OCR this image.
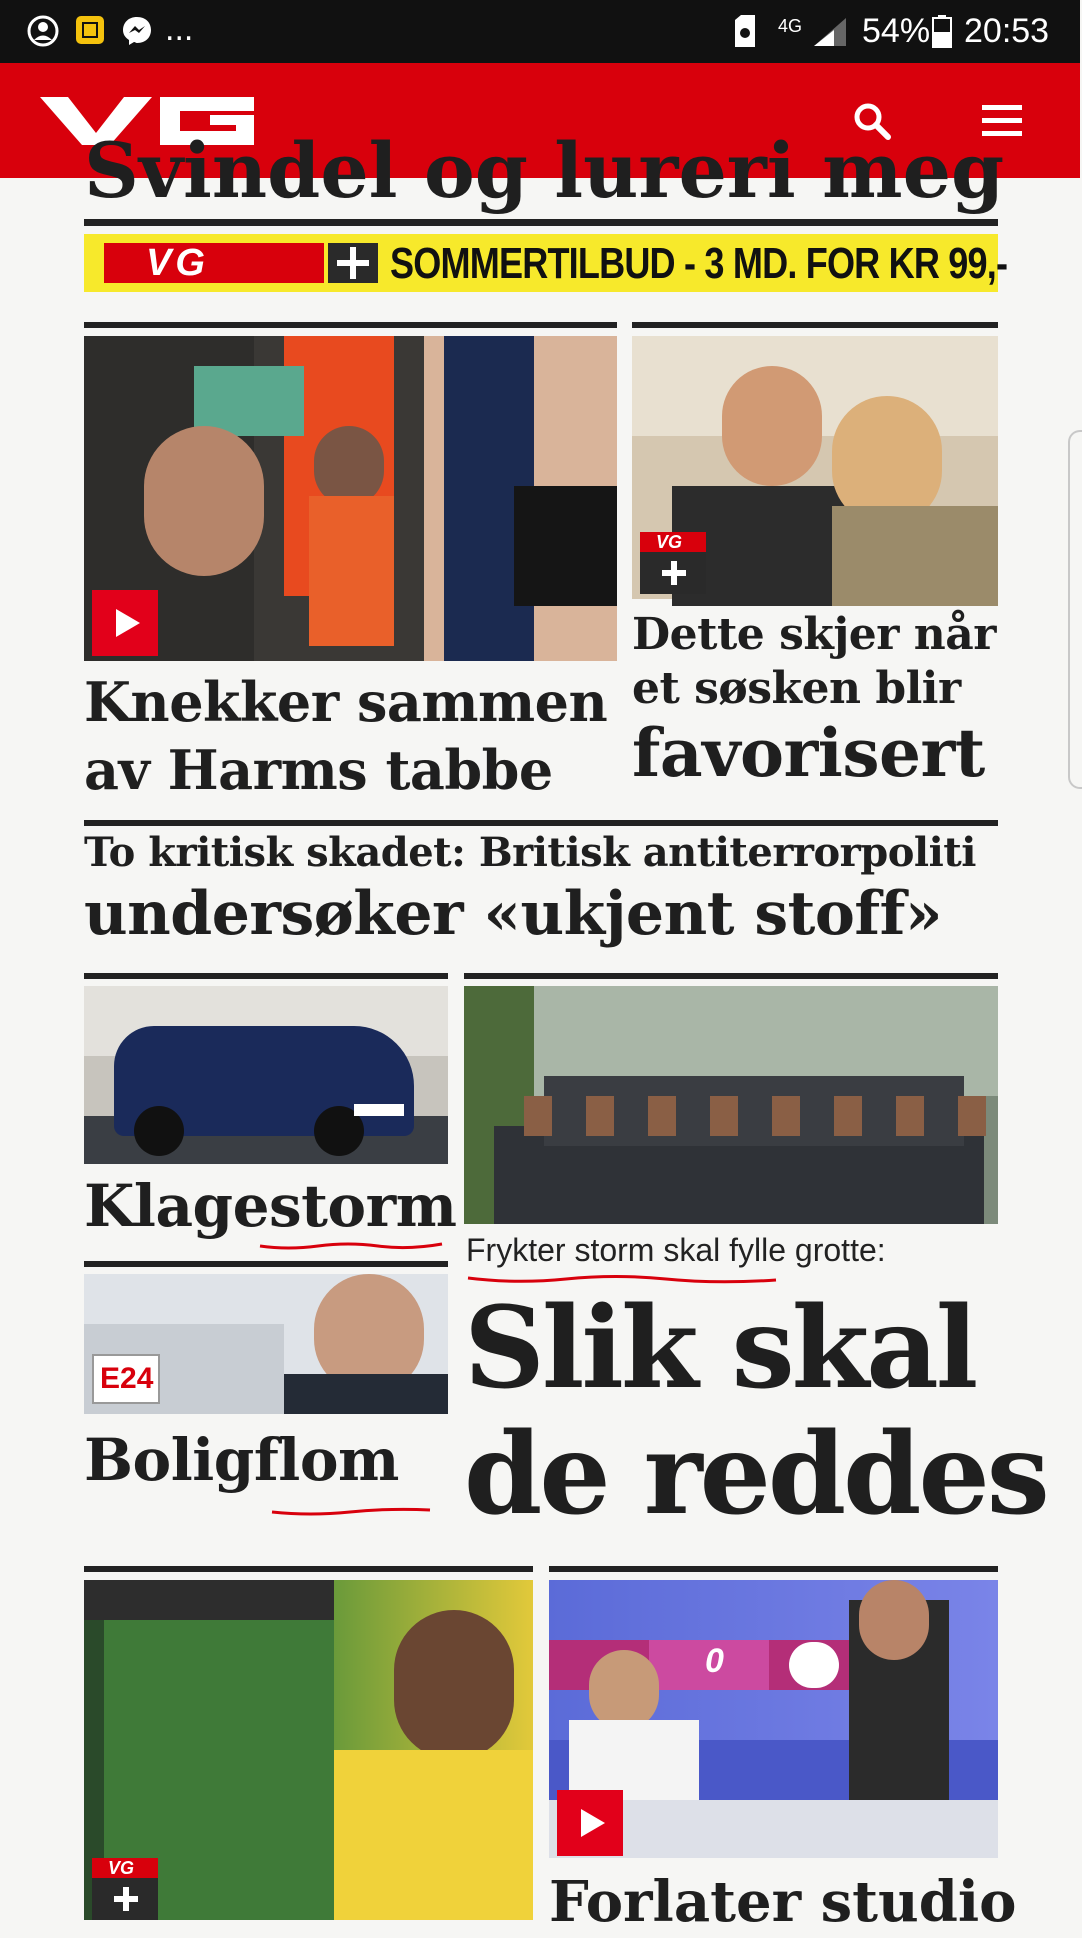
...	4G 54% 20:53
Svindel og lureri meg
VG	SOMMERTILBUD - 3 MD. FOR KR 99,-
VG
Knekker sammen
av Harms tabbe
Dette skjer når
et søsken blir
favorisert
To kritisk skadet: Britisk antiterrorpoliti
undersøker «ukjent stoff»
Klagestorm
Frykter storm skal fylle grotte:
Slik skal
de reddes
E24
Boligflom
VG
0
Forlater studio
